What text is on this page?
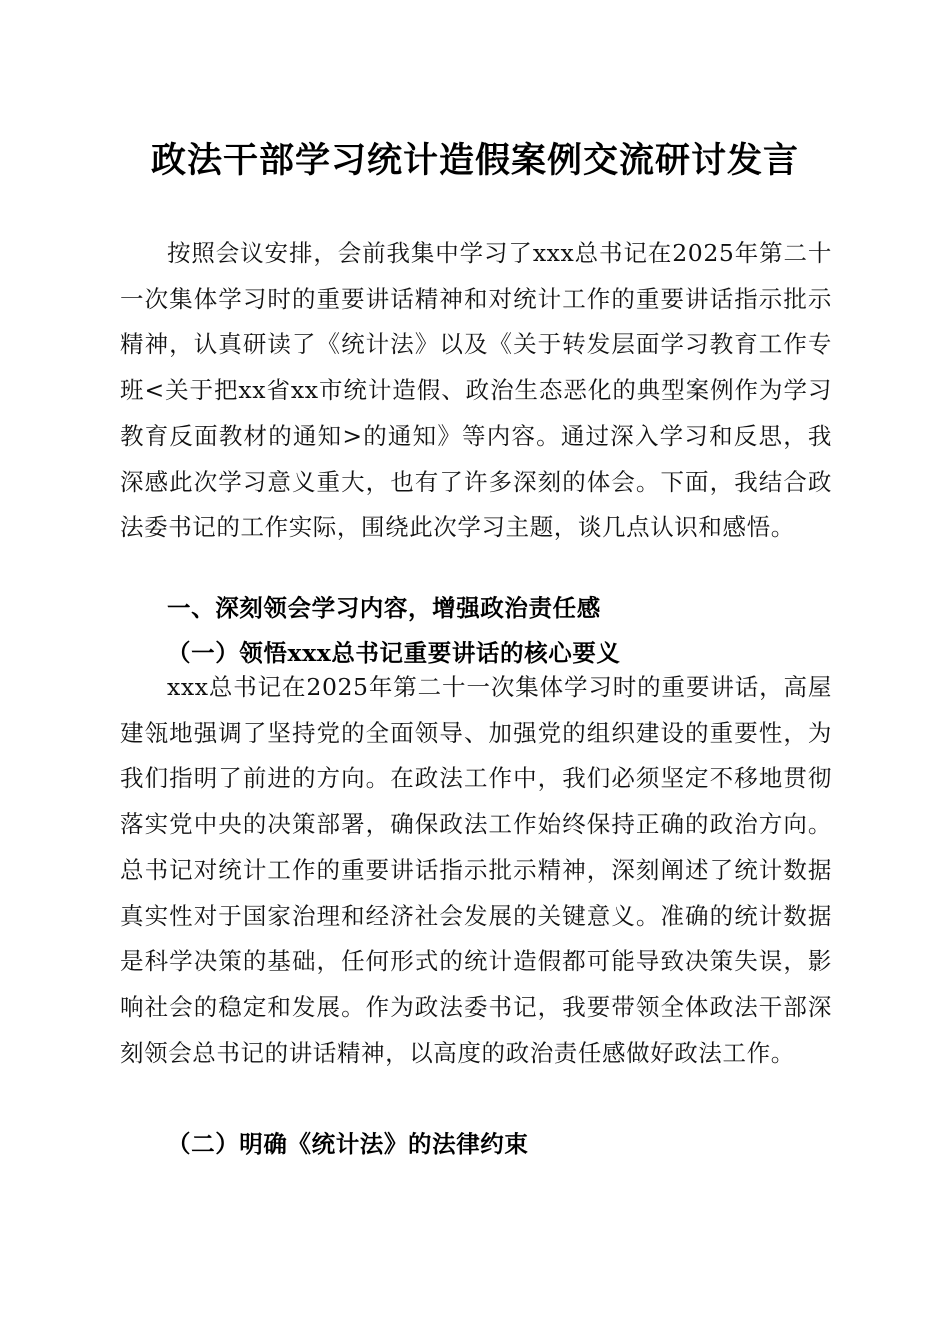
政法干部学习统计造假案例交流研讨发言

按照会议安排，会前我集中学习了xxx总书记在2025年第二十一次集体学习时的重要讲话精神和对统计工作的重要讲话指示批示精神，认真研读了《统计法》以及《关于转发层面学习教育工作专班<关于把xx省xx市统计造假、政治生态恶化的典型案例作为学习教育反面教材的通知>的通知》等内容。通过深入学习和反思，我深感此次学习意义重大，也有了许多深刻的体会。下面，我结合政法委书记的工作实际，围绕此次学习主题，谈几点认识和感悟。

一、深刻领会学习内容，增强政治责任感
（一）领悟xxx总书记重要讲话的核心要义

xxx总书记在2025年第二十一次集体学习时的重要讲话，高屋建瓴地强调了坚持党的全面领导、加强党的组织建设的重要性，为我们指明了前进的方向。在政法工作中，我们必须坚定不移地贯彻落实党中央的决策部署，确保政法工作始终保持正确的政治方向。总书记对统计工作的重要讲话指示批示精神，深刻阐述了统计数据真实性对于国家治理和经济社会发展的关键意义。准确的统计数据是科学决策的基础，任何形式的统计造假都可能导致决策失误，影响社会的稳定和发展。作为政法委书记，我要带领全体政法干部深刻领会总书记的讲话精神，以高度的政治责任感做好政法工作。

（二）明确《统计法》的法律约束
